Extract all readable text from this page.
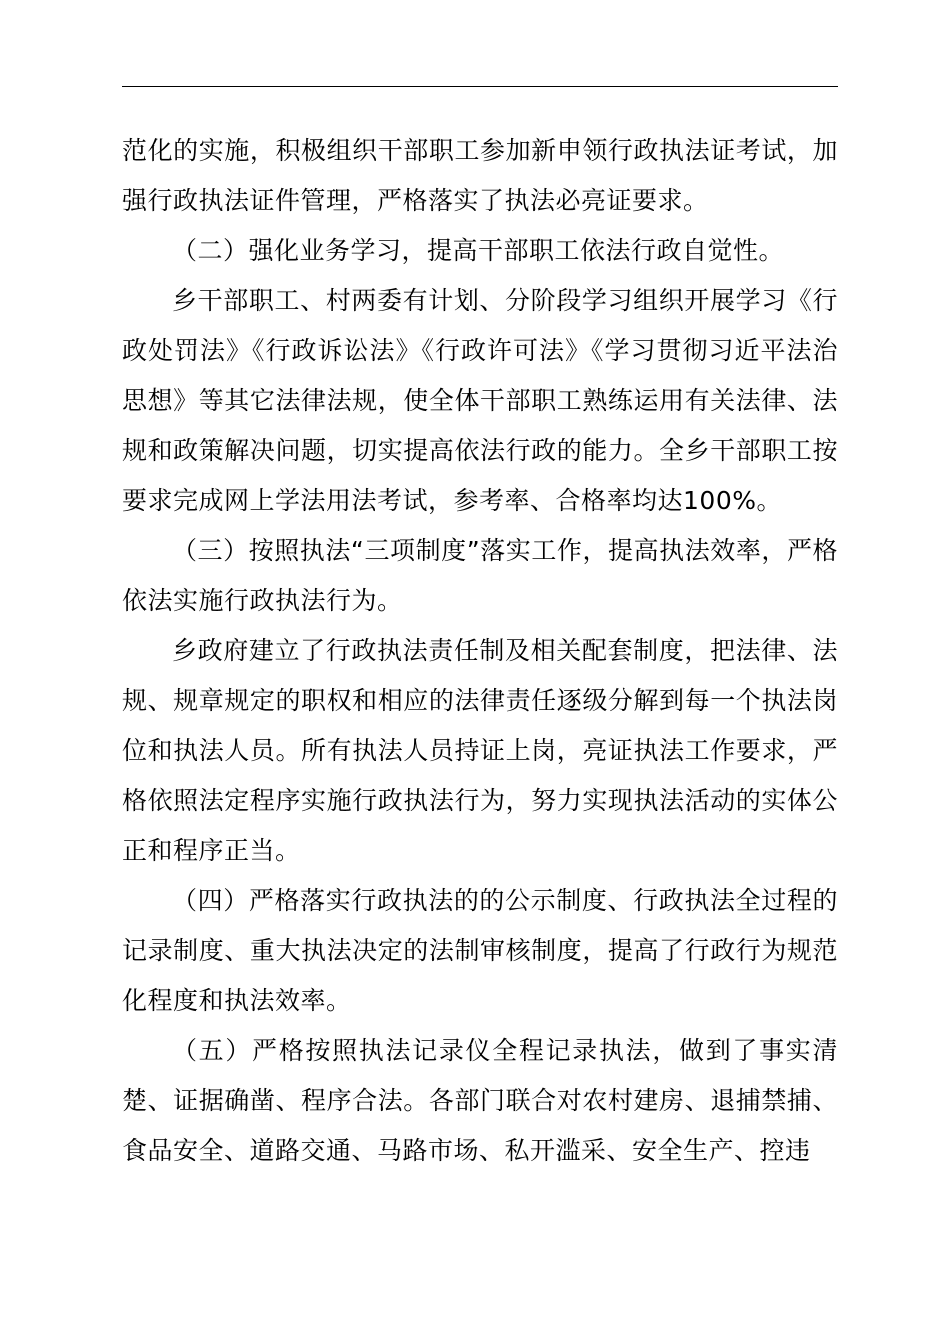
范化的实施，积极组织干部职工参加新申领行政执法证考试，加强行政执法证件管理，严格落实了执法必亮证要求。

（二）强化业务学习，提高干部职工依法行政自觉性。

乡干部职工、村两委有计划、分阶段学习组织开展学习《行政处罚法》《行政诉讼法》《行政许可法》《学习贯彻习近平法治思想》等其它法律法规，使全体干部职工熟练运用有关法律、法规和政策解决问题，切实提高依法行政的能力。全乡干部职工按要求完成网上学法用法考试，参考率、合格率均达100%。

（三）按照执法“三项制度”落实工作，提高执法效率，严格依法实施行政执法行为。

乡政府建立了行政执法责任制及相关配套制度，把法律、法规、规章规定的职权和相应的法律责任逐级分解到每一个执法岗位和执法人员。所有执法人员持证上岗，亮证执法工作要求，严格依照法定程序实施行政执法行为，努力实现执法活动的实体公正和程序正当。

（四）严格落实行政执法的的公示制度、行政执法全过程的记录制度、重大执法决定的法制审核制度，提高了行政行为规范化程度和执法效率。

（五）严格按照执法记录仪全程记录执法，做到了事实清楚、证据确凿、程序合法。各部门联合对农村建房、退捕禁捕、食品安全、道路交通、马路市场、私开滥采、安全生产、控违
